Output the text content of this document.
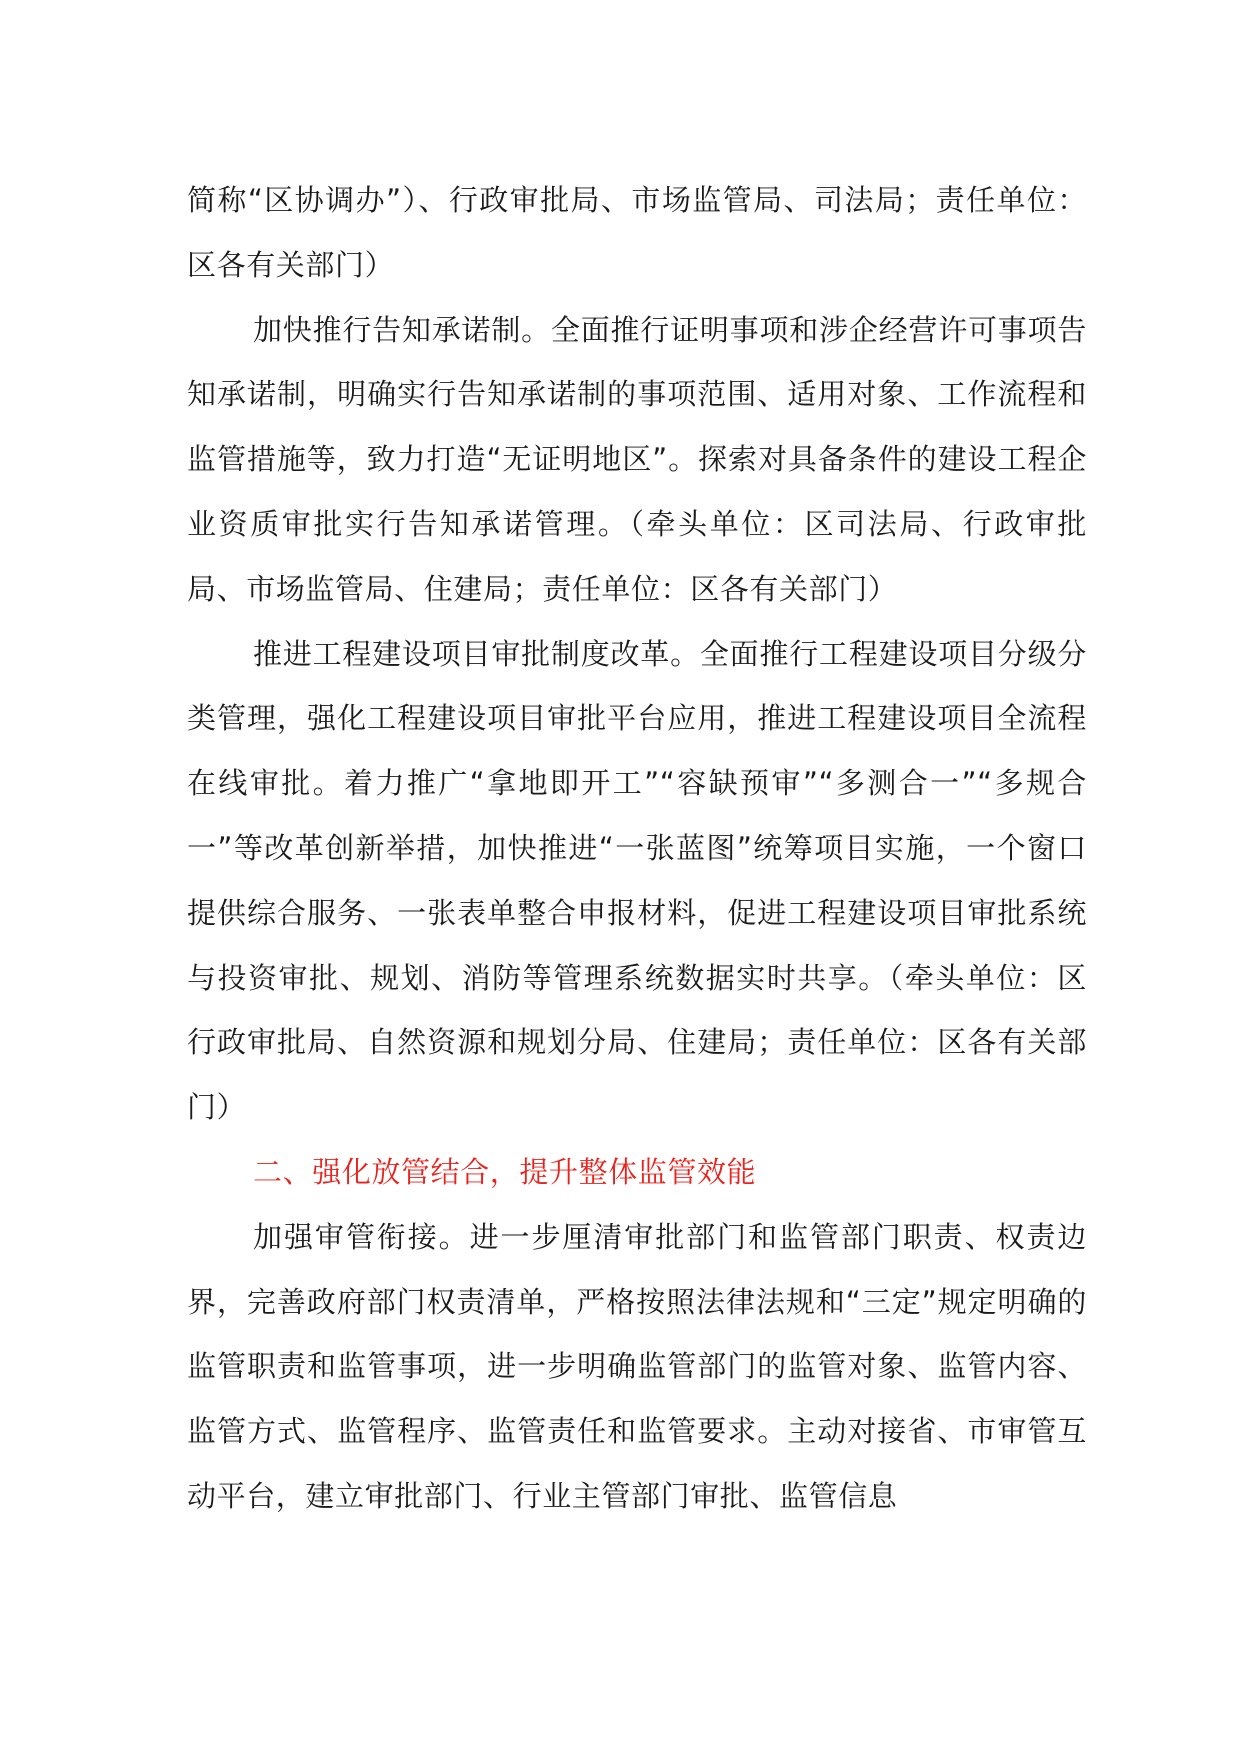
简称“区协调办”）、行政审批局、市场监管局、司法局；责任单位：区各有关部门）

加快推行告知承诺制。全面推行证明事项和涉企经营许可事项告知承诺制，明确实行告知承诺制的事项范围、适用对象、工作流程和监管措施等，致力打造“无证明地区”。探索对具备条件的建设工程企业资质审批实行告知承诺管理。（牵头单位：区司法局、行政审批局、市场监管局、住建局；责任单位：区各有关部门）

推进工程建设项目审批制度改革。全面推行工程建设项目分级分类管理，强化工程建设项目审批平台应用，推进工程建设项目全流程在线审批。着力推广“拿地即开工”“容缺预审”“多测合一”“多规合一”等改革创新举措，加快推进“一张蓝图”统筹项目实施，一个窗口提供综合服务、一张表单整合申报材料，促进工程建设项目审批系统与投资审批、规划、消防等管理系统数据实时共享。（牵头单位：区行政审批局、自然资源和规划分局、住建局；责任单位：区各有关部门）

二、强化放管结合，提升整体监管效能

加强审管衔接。进一步厘清审批部门和监管部门职责、权责边界，完善政府部门权责清单，严格按照法律法规和“三定”规定明确的监管职责和监管事项，进一步明确监管部门的监管对象、监管内容、监管方式、监管程序、监管责任和监管要求。主动对接省、市审管互动平台，建立审批部门、行业主管部门审批、监管信息
